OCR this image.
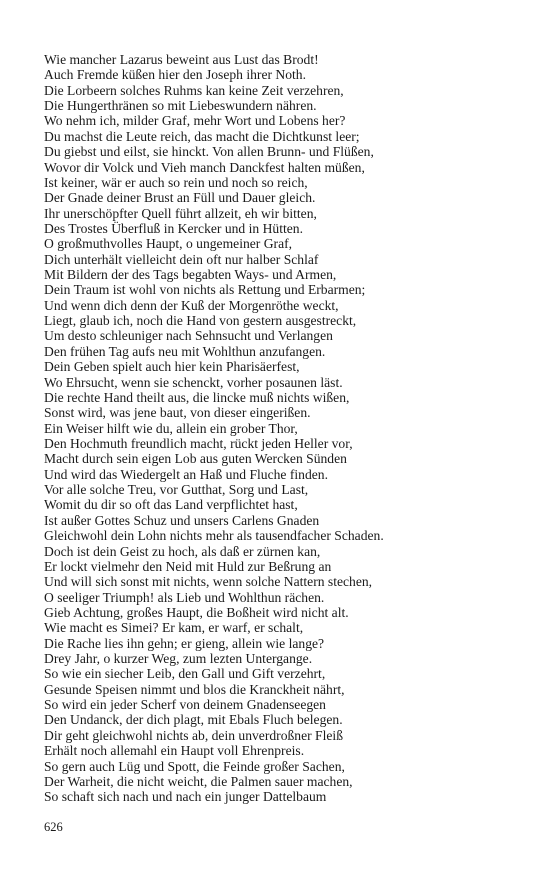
Wie mancher Lazarus beweint aus Lust das Brodt!
Auch Fremde küßen hier den Joseph ihrer Noth.
Die Lorbeern solches Ruhms kan keine Zeit verzehren,
Die Hungerthränen so mit Liebeswundern nähren.
Wo nehm ich, milder Graf, mehr Wort und Lobens her?
Du machst die Leute reich, das macht die Dichtkunst leer;
Du giebst und eilst, sie hinckt. Von allen Brunn- und Flüßen,
Wovor dir Volck und Vieh manch Danckfest halten müßen,
Ist keiner, wär er auch so rein und noch so reich,
Der Gnade deiner Brust an Füll und Dauer gleich.
Ihr unerschöpfter Quell führt allzeit, eh wir bitten,
Des Trostes Überfluß in Kercker und in Hütten.
O großmuthvolles Haupt, o ungemeiner Graf,
Dich unterhält vielleicht dein oft nur halber Schlaf
Mit Bildern der des Tags begabten Ways- und Armen,
Dein Traum ist wohl von nichts als Rettung und Erbarmen;
Und wenn dich denn der Kuß der Morgenröthe weckt,
Liegt, glaub ich, noch die Hand von gestern ausgestreckt,
Um desto schleuniger nach Sehnsucht und Verlangen
Den frühen Tag aufs neu mit Wohlthun anzufangen.
Dein Geben spielt auch hier kein Pharisäerfest,
Wo Ehrsucht, wenn sie schenckt, vorher posaunen läst.
Die rechte Hand theilt aus, die lincke muß nichts wißen,
Sonst wird, was jene baut, von dieser eingerißen.
Ein Weiser hilft wie du, allein ein grober Thor,
Den Hochmuth freundlich macht, rückt jeden Heller vor,
Macht durch sein eigen Lob aus guten Wercken Sünden
Und wird das Wiedergelt an Haß und Fluche finden.
Vor alle solche Treu, vor Gutthat, Sorg und Last,
Womit du dir so oft das Land verpflichtet hast,
Ist außer Gottes Schuz und unsers Carlens Gnaden
Gleichwohl dein Lohn nichts mehr als tausendfacher Schaden.
Doch ist dein Geist zu hoch, als daß er zürnen kan,
Er lockt vielmehr den Neid mit Huld zur Beßrung an
Und will sich sonst mit nichts, wenn solche Nattern stechen,
O seeliger Triumph! als Lieb und Wohlthun rächen.
Gieb Achtung, großes Haupt, die Boßheit wird nicht alt.
Wie macht es Simei? Er kam, er warf, er schalt,
Die Rache lies ihn gehn; er gieng, allein wie lange?
Drey Jahr, o kurzer Weg, zum lezten Untergange.
So wie ein siecher Leib, den Gall und Gift verzehrt,
Gesunde Speisen nimmt und blos die Kranckheit nährt,
So wird ein jeder Scherf von deinem Gnadenseegen
Den Undanck, der dich plagt, mit Ebals Fluch belegen.
Dir geht gleichwohl nichts ab, dein unverdroßner Fleiß
Erhält noch allemahl ein Haupt voll Ehrenpreis.
So gern auch Lüg und Spott, die Feinde großer Sachen,
Der Warheit, die nicht weicht, die Palmen sauer machen,
So schaft sich nach und nach ein junger Dattelbaum
626
